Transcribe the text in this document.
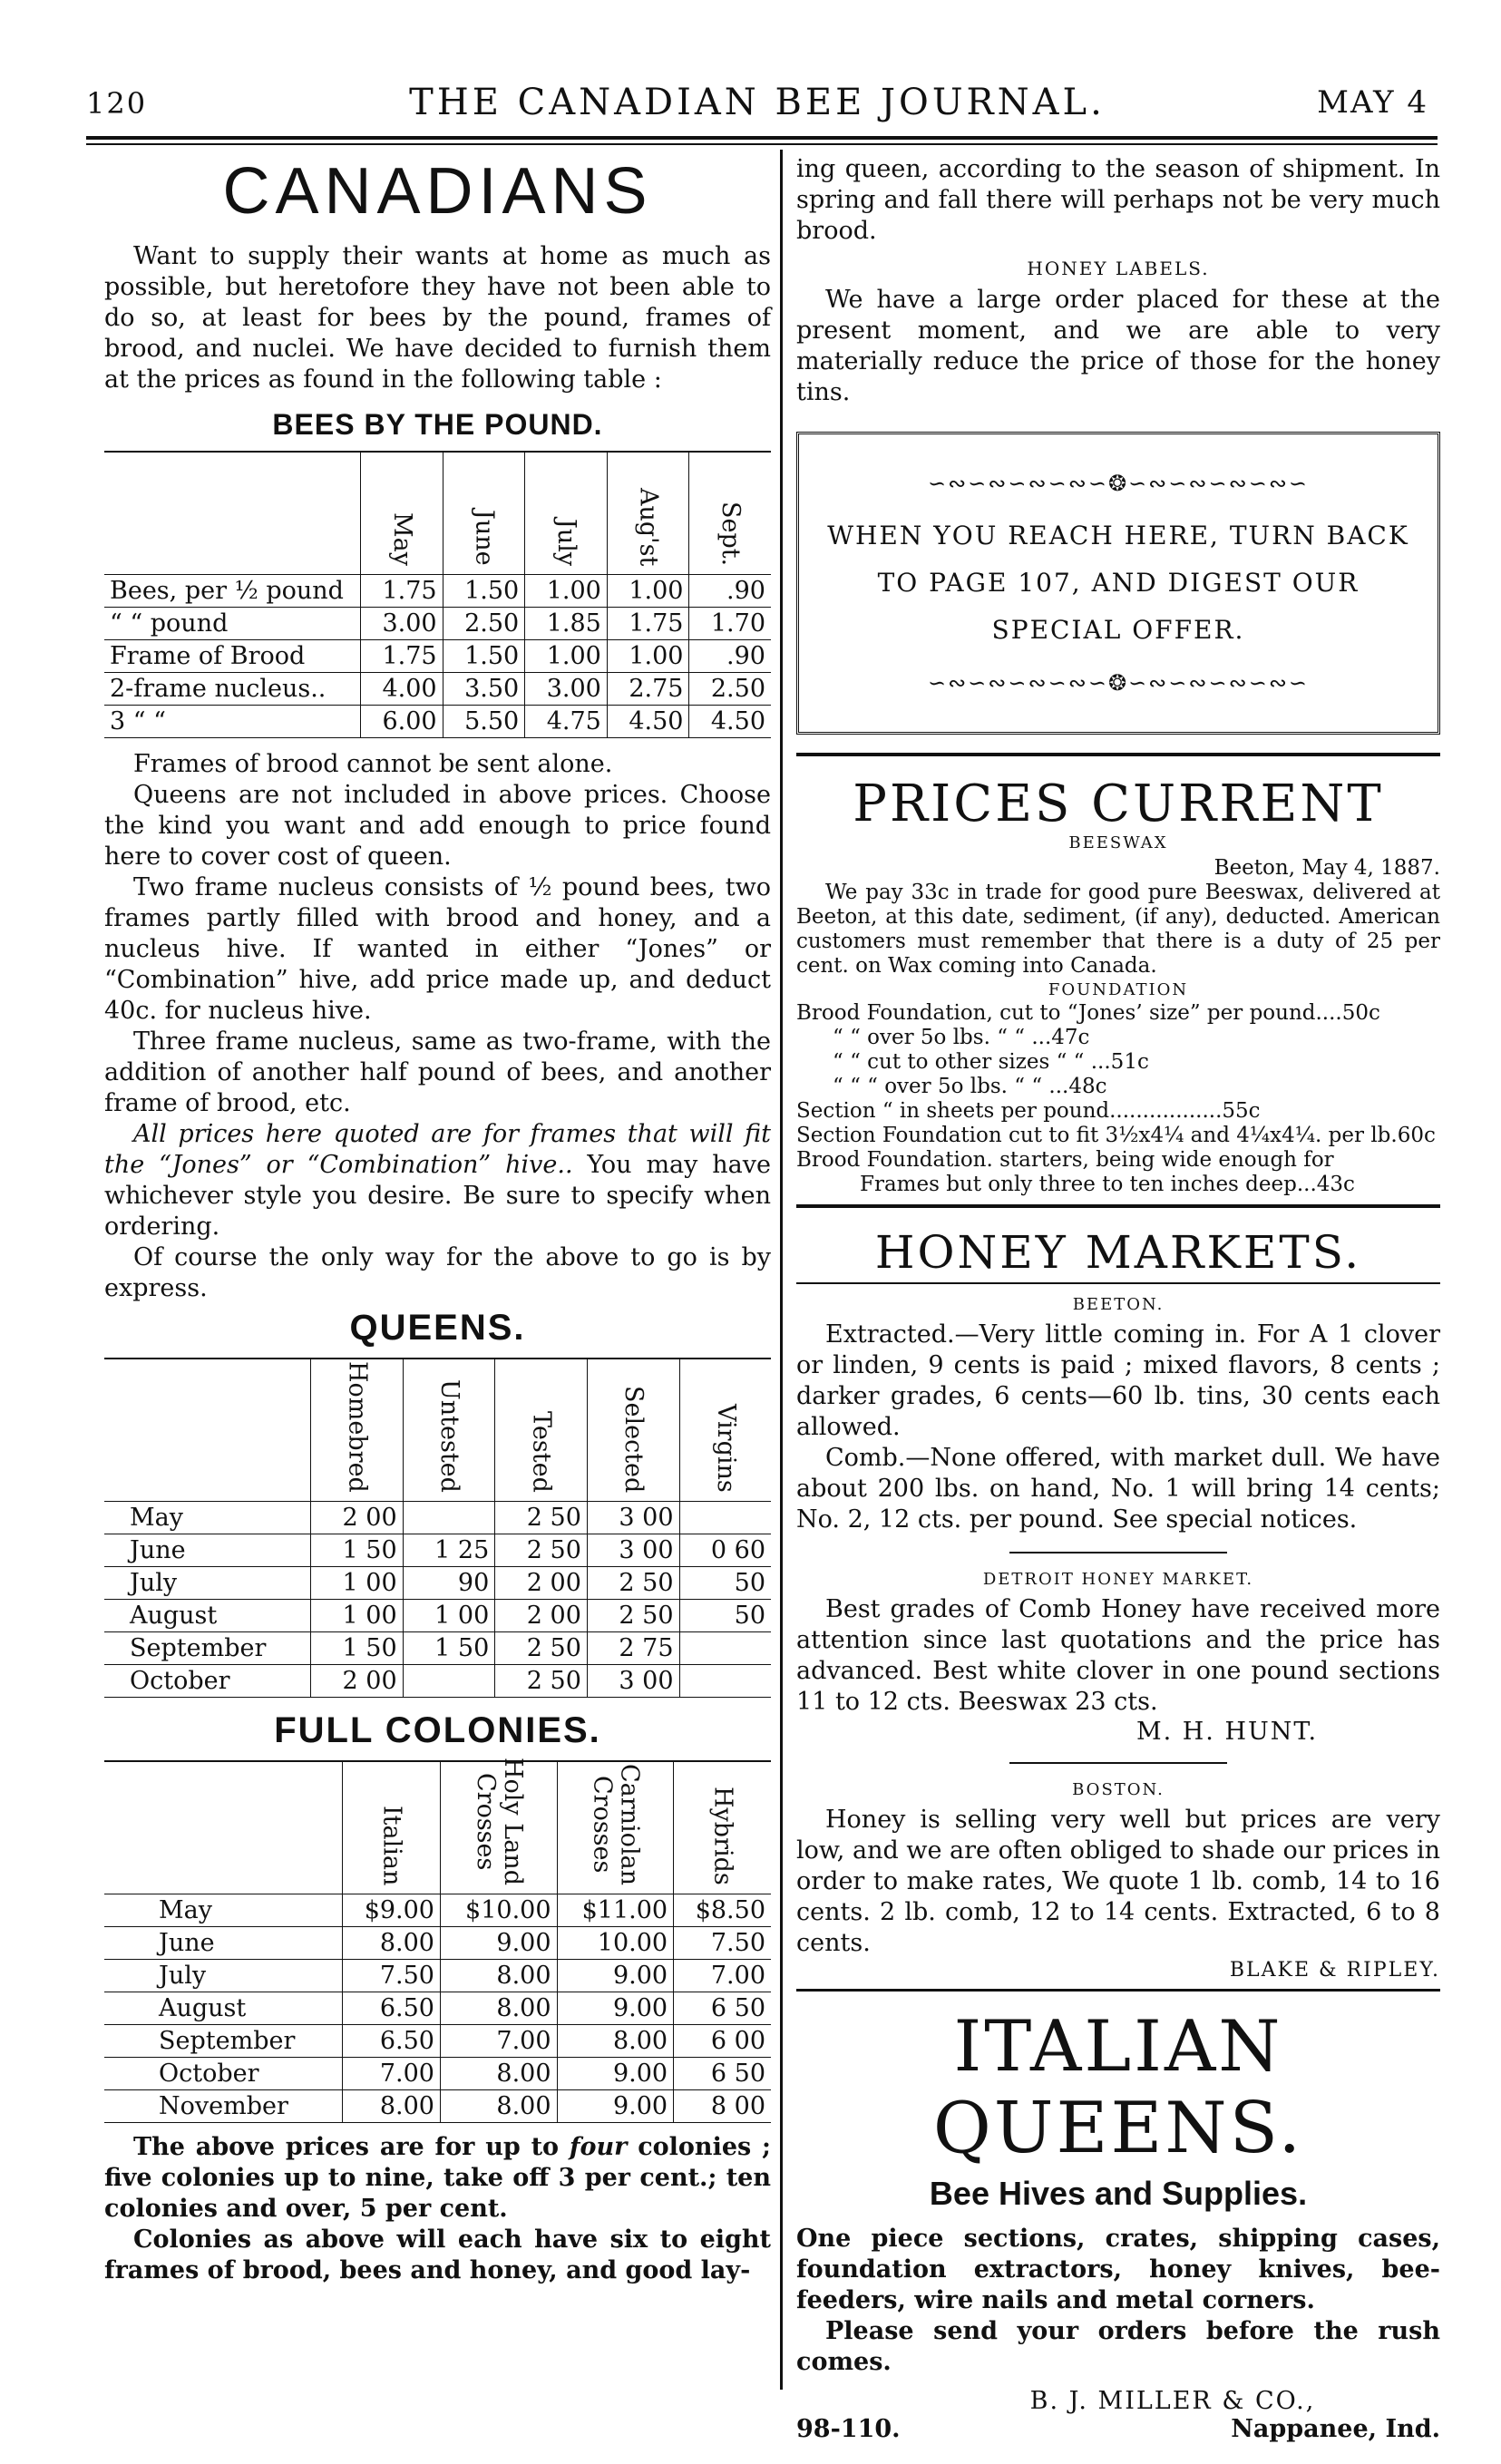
120	THE CANADIAN BEE JOURNAL.	MAY 4
CANADIANS

Want to supply their wants at home as much as possible, but heretofore they have not been able to do so, at least for bees by the pound, frames of brood, and nuclei. We have decided to furnish them at the prices as found in the following table :

BEES BY THE POUND.
	May	June	July	Aug'st	Sept.
Bees, per ½ pound	1.75	1.50	1.00	1.00	.90
“ “ pound	3.00	2.50	1.85	1.75	1.70
Frame of Brood	1.75	1.50	1.00	1.00	.90
2-frame nucleus..	4.00	3.50	3.00	2.75	2.50
3 “ “	6.00	5.50	4.75	4.50	4.50

Frames of brood cannot be sent alone.

Queens are not included in above prices. Choose the kind you want and add enough to price found here to cover cost of queen.

Two frame nucleus consists of ½ pound bees, two frames partly filled with brood and honey, and a nucleus hive. If wanted in either “Jones” or “Combination” hive, add price made up, and deduct 40c. for nucleus hive.

Three frame nucleus, same as two-frame, with the addition of another half pound of bees, and another frame of brood, etc.

All prices here quoted are for frames that will fit the “Jones” or “Combination” hive.. You may have whichever style you desire. Be sure to specify when ordering.

Of course the only way for the above to go is by express.

QUEENS.
	Homebred	Untested	Tested	Selected	Virgins
May	2 00		2 50	3 00	
June	1 50	1 25	2 50	3 00	0 60
July	1 00	90	2 00	2 50	50
August	1 00	1 00	2 00	2 50	50
September	1 50	1 50	2 50	2 75	
October	2 00		2 50	3 00	
FULL COLONIES.
	Italian	Holy Land Crosses	Carniolan Crosses	Hybrids
May	$9.00	$10.00	$11.00	$8.50
June	8.00	9.00	10.00	7.50
July	7.50	8.00	9.00	7.00
August	6.50	8.00	9.00	6 50
September	6.50	7.00	8.00	6 00
October	7.00	8.00	9.00	6 50
November	8.00	8.00	9.00	8 00

The above prices are for up to four colonies ; five colonies up to nine, take off 3 per cent.; ten colonies and over, 5 per cent.

Colonies as above will each have six to eight frames of brood, bees and honey, and good lay-

ing queen, according to the season of shipment. In spring and fall there will perhaps not be very much brood.

HONEY LABELS.

We have a large order placed for these at the present moment, and we are able to very materially reduce the price of those for the honey tins.

∽∾∽∾∽∾∽∾∽❂∽∾∽∾∽∾∽∾∽
WHEN YOU REACH HERE, TURN BACK
TO PAGE 107, AND DIGEST OUR
SPECIAL OFFER.
∽∾∽∾∽∾∽∾∽❂∽∾∽∾∽∾∽∾∽
PRICES CURRENT
BEESWAX

Beeton, May 4, 1887.

We pay 33c in trade for good pure Beeswax, delivered at Beeton, at this date, sediment, (if any), deducted. American customers must remember that there is a duty of 25 per cent. on Wax coming into Canada.

FOUNDATION

Brood Foundation, cut to “Jones’ size” per pound....50c

“ “ over 5o lbs. “ “ ...47c

“ “ cut to other sizes “ “ ...51c

“ “ “ over 5o lbs. “ “ ...48c

Section “ in sheets per pound.................55c

Section Foundation cut to fit 3½x4¼ and 4¼x4¼. per lb.60c

Brood Foundation. starters, being wide enough for

Frames but only three to ten inches deep...43c

HONEY MARKETS.
BEETON.

Extracted.—Very little coming in. For A 1 clover or linden, 9 cents is paid ; mixed flavors, 8 cents ; darker grades, 6 cents—60 lb. tins, 30 cents each allowed.

Comb.—None offered, with market dull. We have about 200 lbs. on hand, No. 1 will bring 14 cents; No. 2, 12 cts. per pound. See special notices.

DETROIT HONEY MARKET.

Best grades of Comb Honey have received more attention since last quotations and the price has advanced. Best white clover in one pound sections 11 to 12 cts. Beeswax 23 cts.

M. H. HUNT.
BOSTON.

Honey is selling very well but prices are very low, and we are often obliged to shade our prices in order to make rates, We quote 1 lb. comb, 14 to 16 cents. 2 lb. comb, 12 to 14 cents. Extracted, 6 to 8 cents.

BLAKE & RIPLEY.
ITALIAN QUEENS.
Bee Hives and Supplies.

One piece sections, crates, shipping cases, foundation extractors, honey knives, bee-feeders, wire nails and metal corners.

Please send your orders before the rush comes.

B. J. MILLER & CO.,
98-110.	Nappanee, Ind.
